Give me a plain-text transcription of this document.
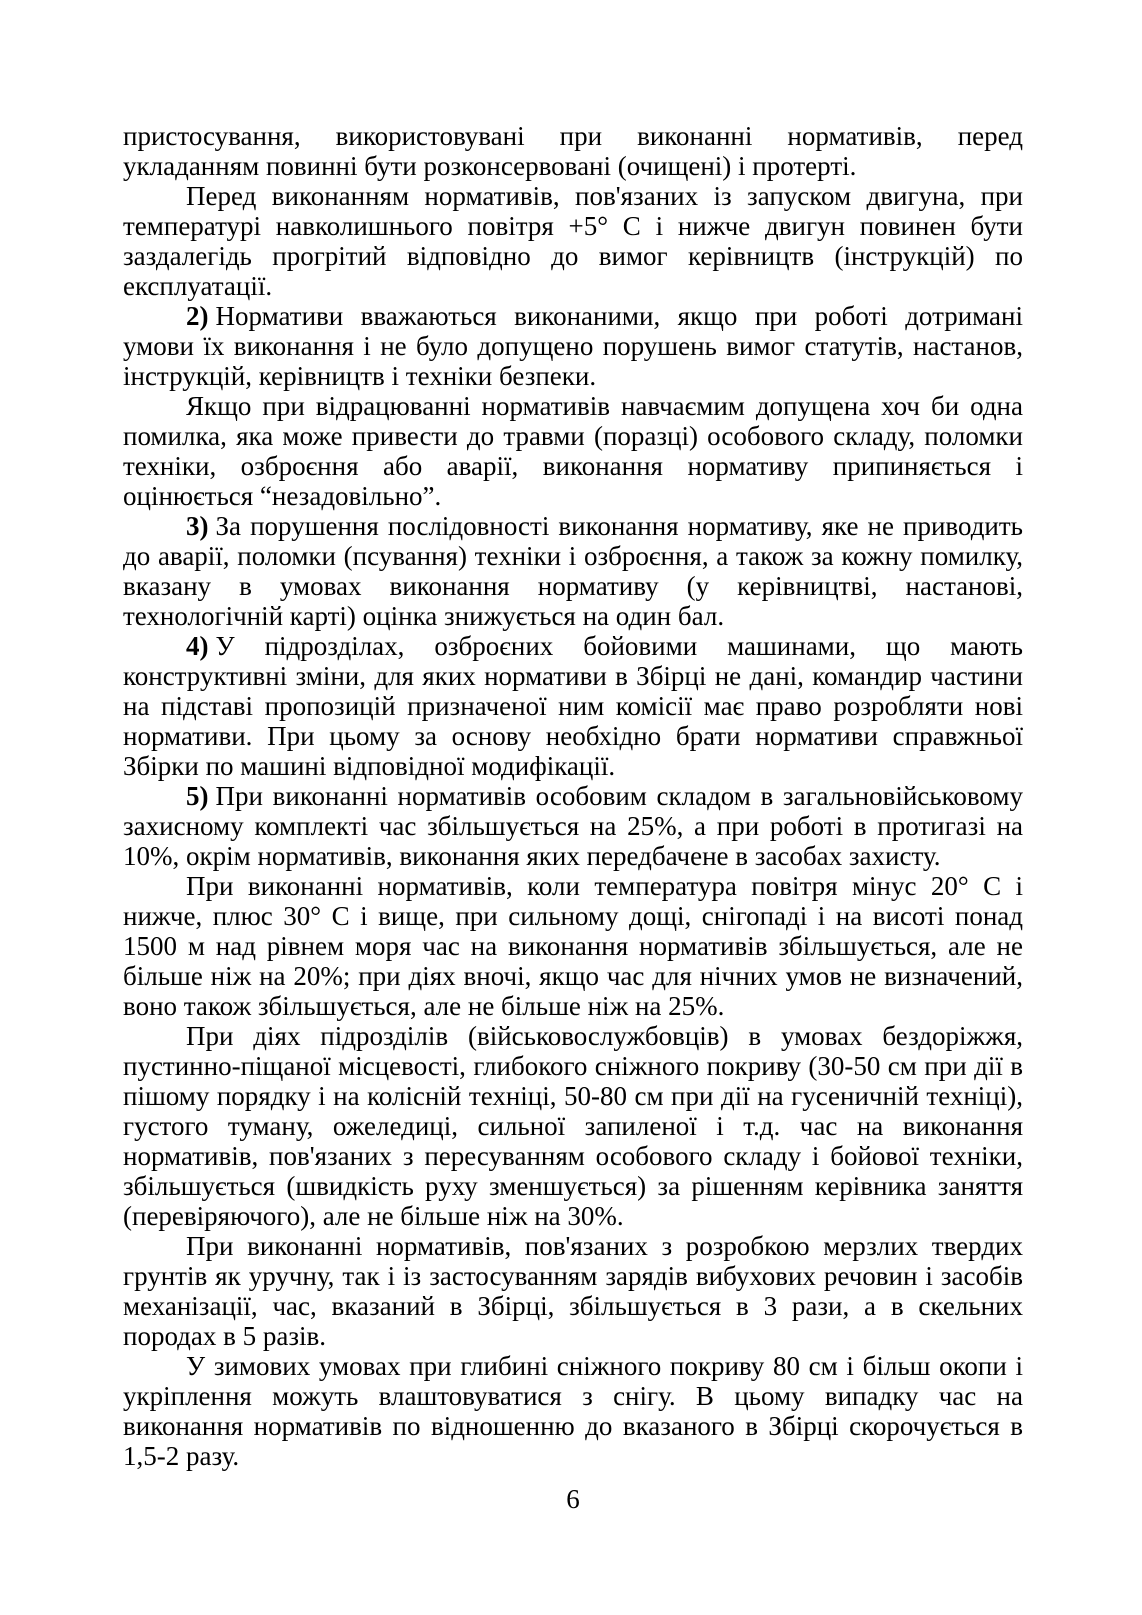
пристосування, використовувані при виконанні нормативів, перед укладанням повинні бути розконсервовані (очищені) і протерті.

Перед виконанням нормативів, пов'язаних із запуском двигуна, при температурі навколишнього повітря +5° С і нижче двигун повинен бути заздалегідь прогрітий відповідно до вимог керівництв (інструкцій) по експлуатації.

2) Нормативи вважаються виконаними, якщо при роботі дотримані умови їх виконання і не було допущено порушень вимог статутів, настанов, інструкцій, керівництв і техніки безпеки.

Якщо при відрацюванні нормативів навчаємим допущена хоч би одна помилка, яка може привести до травми (поразці) особового складу, поломки техніки, озброєння або аварії, виконання нормативу припиняється і оцінюється “незадовільно”.

3) За порушення послідовності виконання нормативу, яке не приводить до аварії, поломки (псування) техніки і озброєння, а також за кожну помилку, вказану в умовах виконання нормативу (у керівництві, настанові, технологічній карті) оцінка знижується на один бал.

4) У підрозділах, озброєних бойовими машинами, що мають конструктивні зміни, для яких нормативи в Збірці не дані, командир частини на підставі пропозицій призначеної ним комісії має право розробляти нові нормативи. При цьому за основу необхідно брати нормативи справжньої Збірки по машині відповідної модифікації.

5) При виконанні нормативів особовим складом в загальновійськовому захисному комплекті час збільшується на 25%, а при роботі в протигазі на 10%, окрім нормативів, виконання яких передбачене в засобах захисту.

При виконанні нормативів, коли температура повітря мінус 20° С і нижче, плюс 30° С і вище, при сильному дощі, снігопаді і на висоті понад 1500 м над рівнем моря час на виконання нормативів збільшується, але не більше ніж на 20%; при діях вночі, якщо час для нічних умов не визначений, воно також збільшується, але не більше ніж на 25%.

При діях підрозділів (військовослужбовців) в умовах бездоріжжя, пустинно-піщаної місцевості, глибокого сніжного покриву (30-50 см при дії в пішому порядку і на колісній техніці, 50-80 см при дії на гусеничній техніці), густого туману, ожеледиці, сильної запиленої і т.д. час на виконання нормативів, пов'язаних з пересуванням особового складу і бойової техніки, збільшується (швидкість руху зменшується) за рішенням керівника заняття (перевіряючого), але не більше ніж на 30%.

При виконанні нормативів, пов'язаних з розробкою мерзлих твердих грунтів як уручну, так і із застосуванням зарядів вибухових речовин і засобів механізації, час, вказаний в Збірці, збільшується в 3 рази, а в скельних породах в 5 разів.

У зимових умовах при глибині сніжного покриву 80 см і більш окопи і укріплення можуть влаштовуватися з снігу. В цьому випадку час на виконання нормативів по відношенню до вказаного в Збірці скорочується в 1,5-2 разу.

6
